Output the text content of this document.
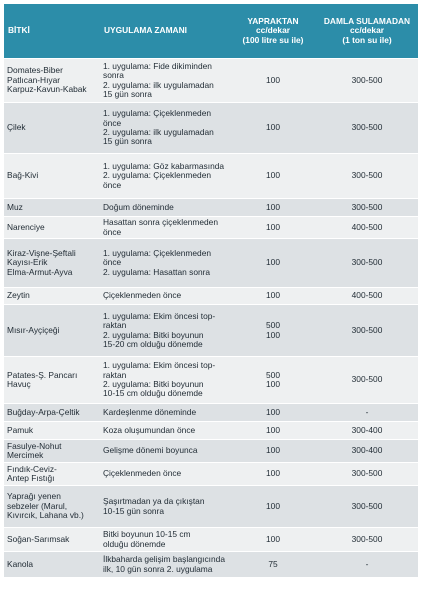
BİTKİ	UYGULAMA ZAMANI	YAPRAKTAN
cc/dekar
(100 litre su ile)	DAMLA SULAMADAN
cc/dekar
(1 ton su ile)

Domates-Biber
Patlıcan-Hıyar
Karpuz-Kavun-Kabak	1. uygulama: Fide dikiminden
sonra
2. uygulama: ilk uygulamadan
15 gün sonra	100	300-500

Çilek	1. uygulama: Çiçeklenmeden
önce
2. uygulama: ilk uygulamadan
15 gün sonra	100	300-500

Bağ-Kivi	1. uygulama: Göz kabarmasında
2. uygulama: Çiçeklenmeden
önce	100	300-500

Muz	Doğum döneminde	100	300-500

Narenciye	Hasattan sonra çiçeklenmeden
önce	100	400-500

Kiraz-Vişne-Şeftali
Kayısı-Erik
Elma-Armut-Ayva	1. uygulama: Çiçeklenmeden
önce
2. uygulama: Hasattan sonra	100	300-500

Zeytin	Çiçeklenmeden önce	100	400-500

Mısır-Ayçiçeği	1. uygulama: Ekim öncesi top-
raktan
2. uygulama: Bitki boyunun
15-20 cm olduğu dönemde	500
100	300-500

Patates-Ş. Pancarı
Havuç	1. uygulama: Ekim öncesi top-
raktan
2. uygulama: Bitki boyunun
10-15 cm olduğu dönemde	500
100	300-500

Buğday-Arpa-Çeltik	Kardeşlenme döneminde	100	-

Pamuk	Koza oluşumundan önce	100	300-400

Fasulye-Nohut
Mercimek	Gelişme dönemi boyunca	100	300-400

Fındık-Ceviz-
Antep Fıstığı	Çiçeklenmeden önce	100	300-500

Yaprağı yenen
sebzeler (Marul,
Kıvırcık, Lahana vb.)	Şaşırtmadan ya da çıkıştan
10-15 gün sonra	100	300-500

Soğan-Sarımsak	Bitki boyunun 10-15 cm
olduğu dönemde	100	300-500

Kanola	İlkbaharda gelişim başlangıcında
ilk, 10 gün sonra 2. uygulama	75	-
